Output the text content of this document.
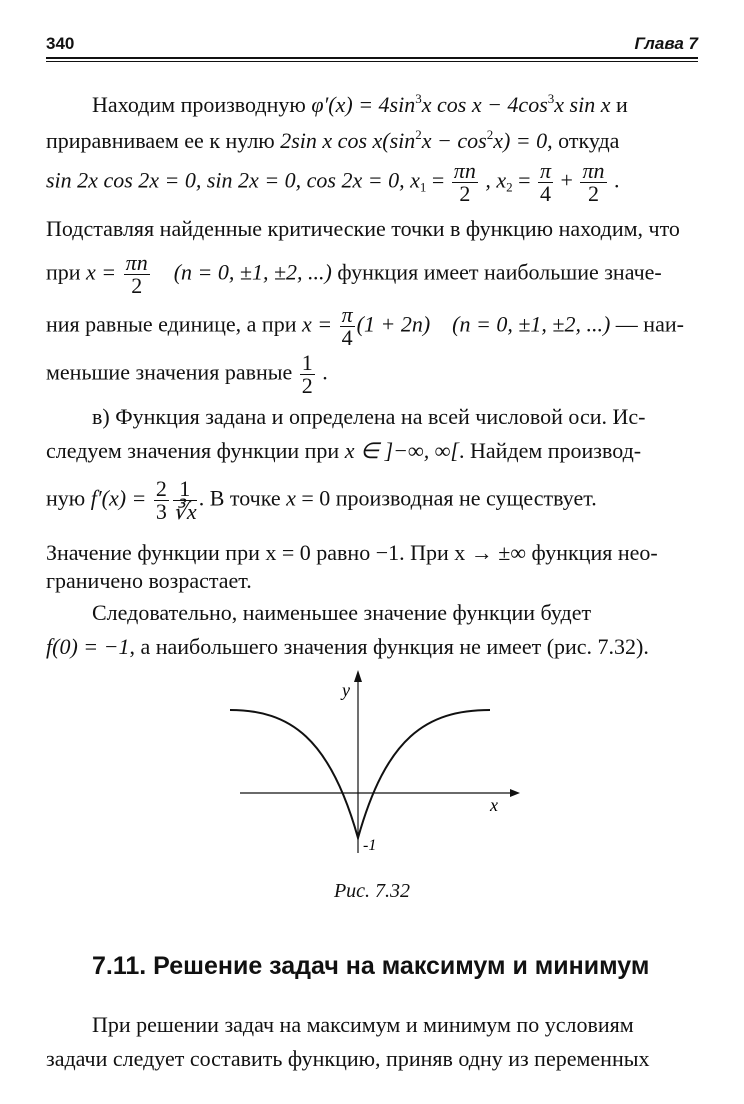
340	Глава 7
Находим производную $\varphi'(x) = 4\sin^3x$ $\cos x - 4\cos^3x$ sin x и
приравниваем ее к нулю 2sin x $\cos x(\sin^2x - \cos^2x) = 0$, откуда
sin 2x cos 2x = 0, sin 2x = 0, cos 2x = 0, $x_1 = \frac{\pi n}{2}$ , $x_2 = \frac{\pi}{4} + \frac{\pi n}{2}$ .
Подставляя найденные критические точки в функцию находим, что
при $x = \frac{\pi n}{2} (n = 0$, ±1, ±2, ...) функция имеет наибольшие значе-
ния равные единице, а при $x = \frac{\pi}{4} (1 + 2n) (n = 0$, ±1, ±2, ...) — наи-
меньшие значения равные $\frac{1}{2}$ .
в) Функция задана и определена на всей числовой оси. Ис-
следуем значения функции при x ∈ ]−∞, ∞[. Найдем производ-
ную $f'(x) = \frac{2}{3} \frac{1}{∛x}$ . В точке x = 0 производная не существует.
Значение функции при x = 0 равно −1. При x → ±∞ функция нео-
граничено возрастает.
Следовательно, наименьшее значение функции будет
f(0) = −1, а наибольшего значения функция не имеет (рис. 7.32).
y
x
-1
Рис. 7.32
7.11. Решение задач на максимум и минимум
При решении задач на максимум и минимум по условиям
задачи следует составить функцию, приняв одну из переменных
